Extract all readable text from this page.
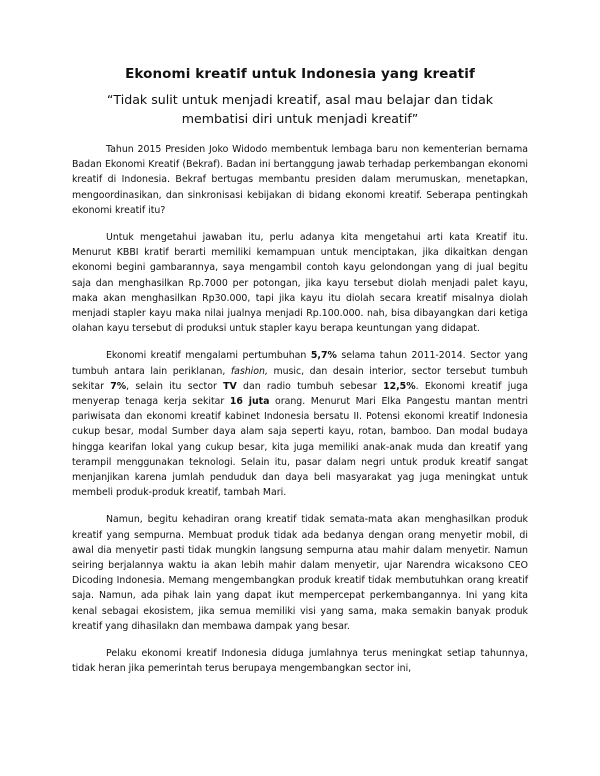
Ekonomi kreatif untuk Indonesia yang kreatif

“Tidak sulit untuk menjadi kreatif, asal mau belajar dan tidak membatisi diri untuk menjadi kreatif”

Tahun 2015 Presiden Joko Widodo membentuk lembaga baru non kementerian bernama Badan Ekonomi Kreatif (Bekraf). Badan ini bertanggung jawab terhadap perkembangan ekonomi kreatif di Indonesia. Bekraf bertugas membantu presiden dalam merumuskan, menetapkan, mengoordinasikan, dan sinkronisasi kebijakan di bidang ekonomi kreatif. Seberapa pentingkah ekonomi kreatif itu?

Untuk mengetahui jawaban itu, perlu adanya kita mengetahui arti kata Kreatif itu. Menurut KBBI kratif berarti memiliki kemampuan untuk menciptakan, jika dikaitkan dengan ekonomi begini gambarannya, saya mengambil contoh kayu gelondongan yang di jual begitu saja dan menghasilkan Rp.7000 per potongan, jika kayu tersebut diolah menjadi palet kayu, maka akan menghasilkan Rp30.000, tapi jika kayu itu diolah secara kreatif misalnya diolah menjadi stapler kayu maka nilai jualnya menjadi Rp.100.000. nah, bisa dibayangkan dari ketiga olahan kayu tersebut di produksi untuk stapler kayu berapa keuntungan yang didapat.

Ekonomi kreatif mengalami pertumbuhan 5,7% selama tahun 2011-2014. Sector yang tumbuh antara lain periklanan, fashion, music, dan desain interior, sector tersebut tumbuh sekitar 7%, selain itu sector TV dan radio tumbuh sebesar 12,5%. Ekonomi kreatif juga menyerap tenaga kerja sekitar 16 juta orang. Menurut Mari Elka Pangestu mantan mentri pariwisata dan ekonomi kreatif kabinet Indonesia bersatu II. Potensi ekonomi kreatif Indonesia cukup besar, modal Sumber daya alam saja seperti kayu, rotan, bamboo. Dan modal budaya hingga kearifan lokal yang cukup besar, kita juga memiliki anak-anak muda dan kreatif yang terampil menggunakan teknologi. Selain itu, pasar dalam negri untuk produk kreatif sangat menjanjikan karena jumlah penduduk dan daya beli masyarakat yag juga meningkat untuk membeli produk-produk kreatif, tambah Mari.

Namun, begitu kehadiran orang kreatif tidak semata-mata akan menghasilkan produk kreatif yang sempurna. Membuat produk tidak ada bedanya dengan orang menyetir mobil, di awal dia menyetir pasti tidak mungkin langsung sempurna atau mahir dalam menyetir. Namun seiring berjalannya waktu ia akan lebih mahir dalam menyetir, ujar Narendra wicaksono CEO Dicoding Indonesia. Memang mengembangkan produk kreatif tidak membutuhkan orang kreatif saja. Namun, ada pihak lain yang dapat ikut mempercepat perkembangannya. Ini yang kita kenal sebagai ekosistem, jika semua memiliki visi yang sama, maka semakin banyak produk kreatif yang dihasilakn dan membawa dampak yang besar.

Pelaku ekonomi kreatif Indonesia diduga jumlahnya terus meningkat setiap tahunnya, tidak heran jika pemerintah terus berupaya mengembangkan sector ini,
